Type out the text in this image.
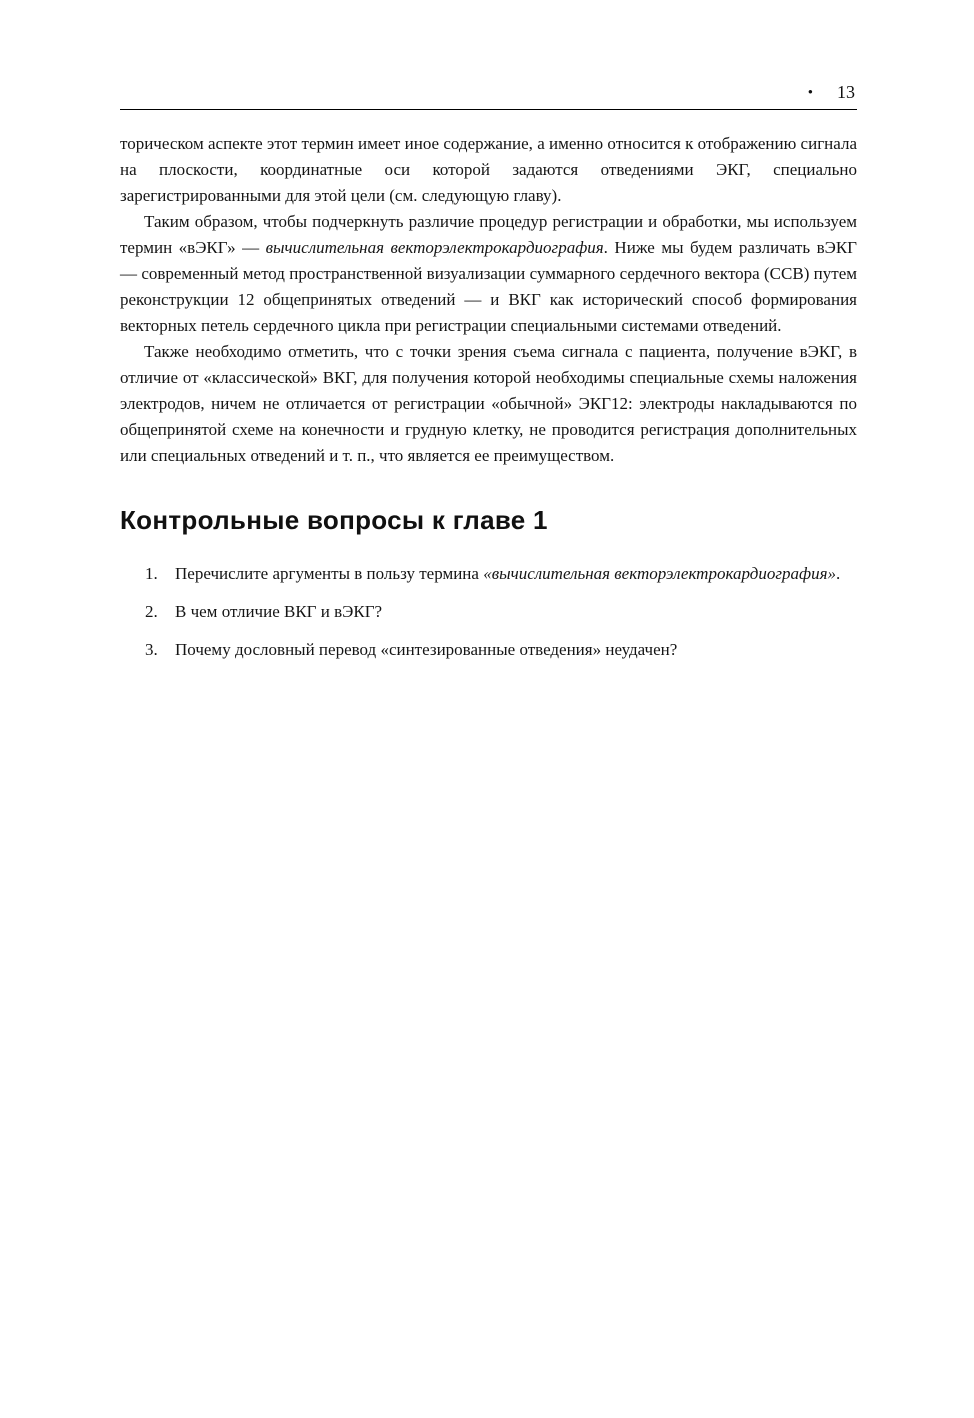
• 13

торическом аспекте этот термин имеет иное содержание, а именно относится к отображению сигнала на плоскости, координатные оси которой задаются отведениями ЭКГ, специально зарегистрированными для этой цели (см. следующую главу).

Таким образом, чтобы подчеркнуть различие процедур регистрации и обработки, мы используем термин «вЭКГ» — вычислительная векторэлектрокардиография. Ниже мы будем различать вЭКГ — современный метод пространственной визуализации суммарного сердечного вектора (ССВ) путем реконструкции 12 общепринятых отведений — и ВКГ как исторический способ формирования векторных петель сердечного цикла при регистрации специальными системами отведений.

Также необходимо отметить, что с точки зрения съема сигнала с пациента, получение вЭКГ, в отличие от «классической» ВКГ, для получения которой необходимы специальные схемы наложения электродов, ничем не отличается от регистрации «обычной» ЭКГ12: электроды накладываются по общепринятой схеме на конечности и грудную клетку, не проводится регистрация дополнительных или специальных отведений и т. п., что является ее преимуществом.

Контрольные вопросы к главе 1
1.	Перечислите аргументы в пользу термина «вычислительная векторэлектрокардиография».
2.	В чем отличие ВКГ и вЭКГ?
3.	Почему дословный перевод «синтезированные отведения» неудачен?
